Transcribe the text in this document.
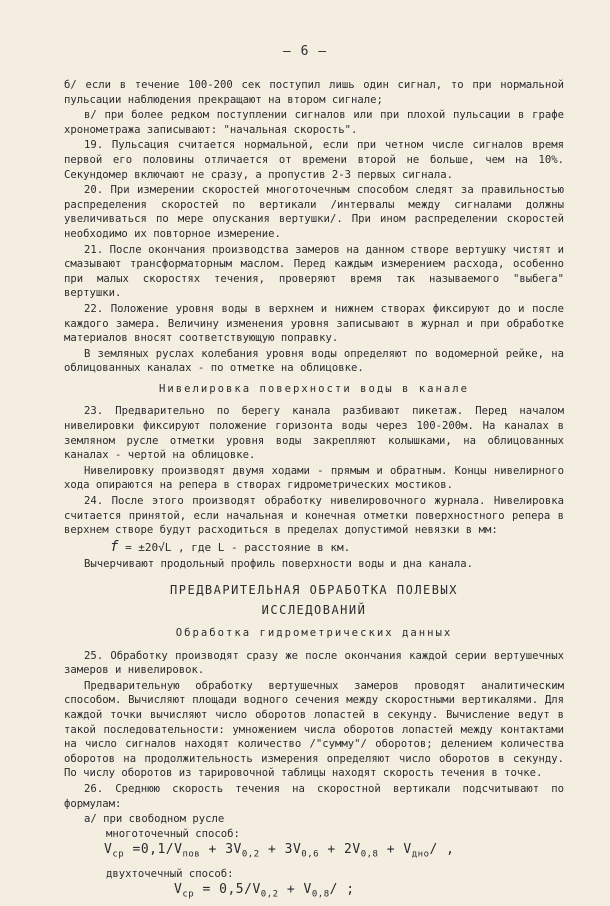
— 6 —

б/ если в течение 100-200 сек поступил лишь один сигнал, то при нормальной пульсации наблюдения прекращают на втором сигнале;

в/ при более редком поступлении сигналов или при плохой пульсации в графе хронометража записывают: "начальная скорость".

19. Пульсация считается нормальной, если при четном числе сигналов время первой его половины отличается от времени второй не больше, чем на 10%. Секундомер включают не сразу, а пропустив 2-3 первых сигнала.

20. При измерении скоростей многоточечным способом следят за правильностью распределения скоростей по вертикали /интервалы между сигналами должны увеличиваться по мере опускания вертушки/. При ином распределении скоростей необходимо их повторное измерение.

21. После окончания производства замеров на данном створе вертушку чистят и смазывают трансформаторным маслом. Перед каждым измерением расхода, особенно при малых скоростях течения, проверяют время так называемого "выбега" вертушки.

22. Положение уровня воды в верхнем и нижнем створах фиксируют до и после каждого замера. Величину изменения уровня записывают в журнал и при обработке материалов вносят соответствующую поправку.

В земляных руслах колебания уровня воды определяют по водомерной рейке, на облицованных каналах - по отметке на облицовке.

Нивелировка поверхности воды в канале

23. Предварительно по берегу канала разбивают пикетаж. Перед началом нивелировки фиксируют положение горизонта воды через 100-200м. На каналах в земляном русле отметки уровня воды закрепляют колышками, на облицованных каналах - чертой на облицовке.

Нивелировку производят двумя ходами - прямым и обратным. Концы нивелирного хода опираются на репера в створах гидрометрических мостиков.

24. После этого производят обработку нивелировочного журнала. Нивелировка считается принятой, если начальная и конечная отметки поверхностного репера в верхнем створе будут расходиться в пределах допустимой невязки в мм:

f = ±20√L , где L - расстояние в км.

Вычерчивают продольный профиль поверхности воды и дна канала.

ПРЕДВАРИТЕЛЬНАЯ ОБРАБОТКА ПОЛЕВЫХ
ИССЛЕДОВАНИЙ
Обработка гидрометрических данных

25. Обработку производят сразу же после окончания каждой серии вертушечных замеров и нивелировок.

Предварительную обработку вертушечных замеров проводят аналитическим способом. Вычисляют площади водного сечения между скоростными вертикалями. Для каждой точки вычисляют число оборотов лопастей в секунду. Вычисление ведут в такой последовательности: умножением числа оборотов лопастей между контактами на число сигналов находят количество /"сумму"/ оборотов; делением количества оборотов на продолжительность измерения определяют число оборотов в секунду. По числу оборотов из тарировочной таблицы находят скорость течения в точке.

26. Среднюю скорость течения на скоростной вертикали подсчитывают по формулам:

а/ при свободном русле

многоточечный способ:

$V_{ср} =0,1/V_{пов} + 3V_{0,2} + 3V_{0,6} + 2V_{0,8} + V_{дно}/$ ,

двухточечный способ:

$V_{ср} = 0,5/V_{0,2} + V_{0,8}/$ ;
